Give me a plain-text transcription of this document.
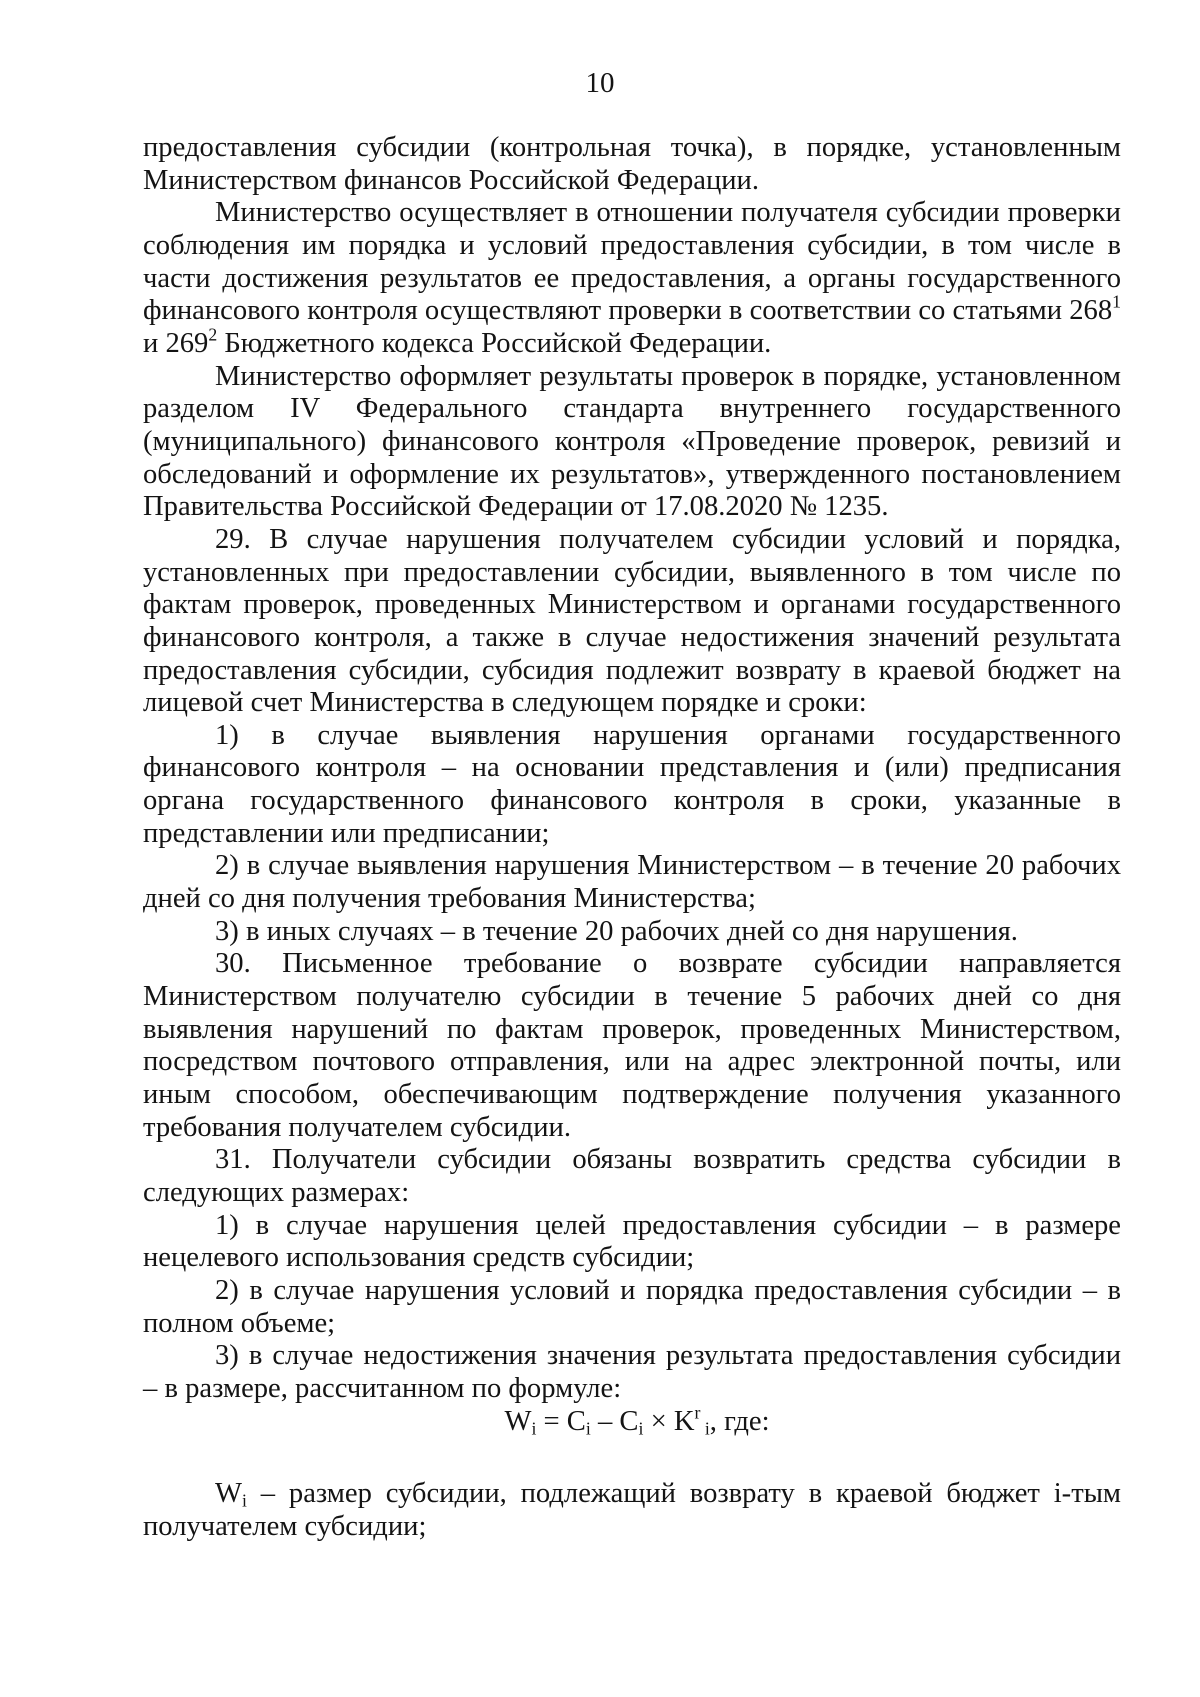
10

предоставления субсидии (контрольная точка), в порядке, установленным Министерством финансов Российской Федерации.

Министерство осуществляет в отношении получателя субсидии проверки соблюдения им порядка и условий предоставления субсидии, в том числе в части достижения результатов ее предоставления, а органы государственного финансового контроля осуществляют проверки в соответствии со статьями $268^1$ и $269^2$ Бюджетного кодекса Российской Федерации.

Министерство оформляет результаты проверок в порядке, установленном разделом IV Федерального стандарта внутреннего государственного (муниципального) финансового контроля «Проведение проверок, ревизий и обследований и оформление их результатов», утвержденного постановлением Правительства Российской Федерации от 17.08.2020 № 1235.

29. В случае нарушения получателем субсидии условий и порядка, установленных при предоставлении субсидии, выявленного в том числе по фактам проверок, проведенных Министерством и органами государственного финансового контроля, а также в случае недостижения значений результата предоставления субсидии, субсидия подлежит возврату в краевой бюджет на лицевой счет Министерства в следующем порядке и сроки:

1) в случае выявления нарушения органами государственного финансового контроля – на основании представления и (или) предписания органа государственного финансового контроля в сроки, указанные в представлении или предписании;

2) в случае выявления нарушения Министерством – в течение 20 рабочих дней со дня получения требования Министерства;

3) в иных случаях – в течение 20 рабочих дней со дня нарушения.

30. Письменное требование о возврате субсидии направляется Министерством получателю субсидии в течение 5 рабочих дней со дня выявления нарушений по фактам проверок, проведенных Министерством, посредством почтового отправления, или на адрес электронной почты, или иным способом, обеспечивающим подтверждение получения указанного требования получателем субсидии.

31. Получатели субсидии обязаны возвратить средства субсидии в следующих размерах:

1) в случае нарушения целей предоставления субсидии – в размере нецелевого использования средств субсидии;

2) в случае нарушения условий и порядка предоставления субсидии – в полном объеме;

3) в случае недостижения значения результата предоставления субсидии – в размере, рассчитанном по формуле:

$W_i = C_i - C_i \times K^r$ $_i$, где:

$W_i$ – размер субсидии, подлежащий возврату в краевой бюджет i-тым получателем субсидии;
